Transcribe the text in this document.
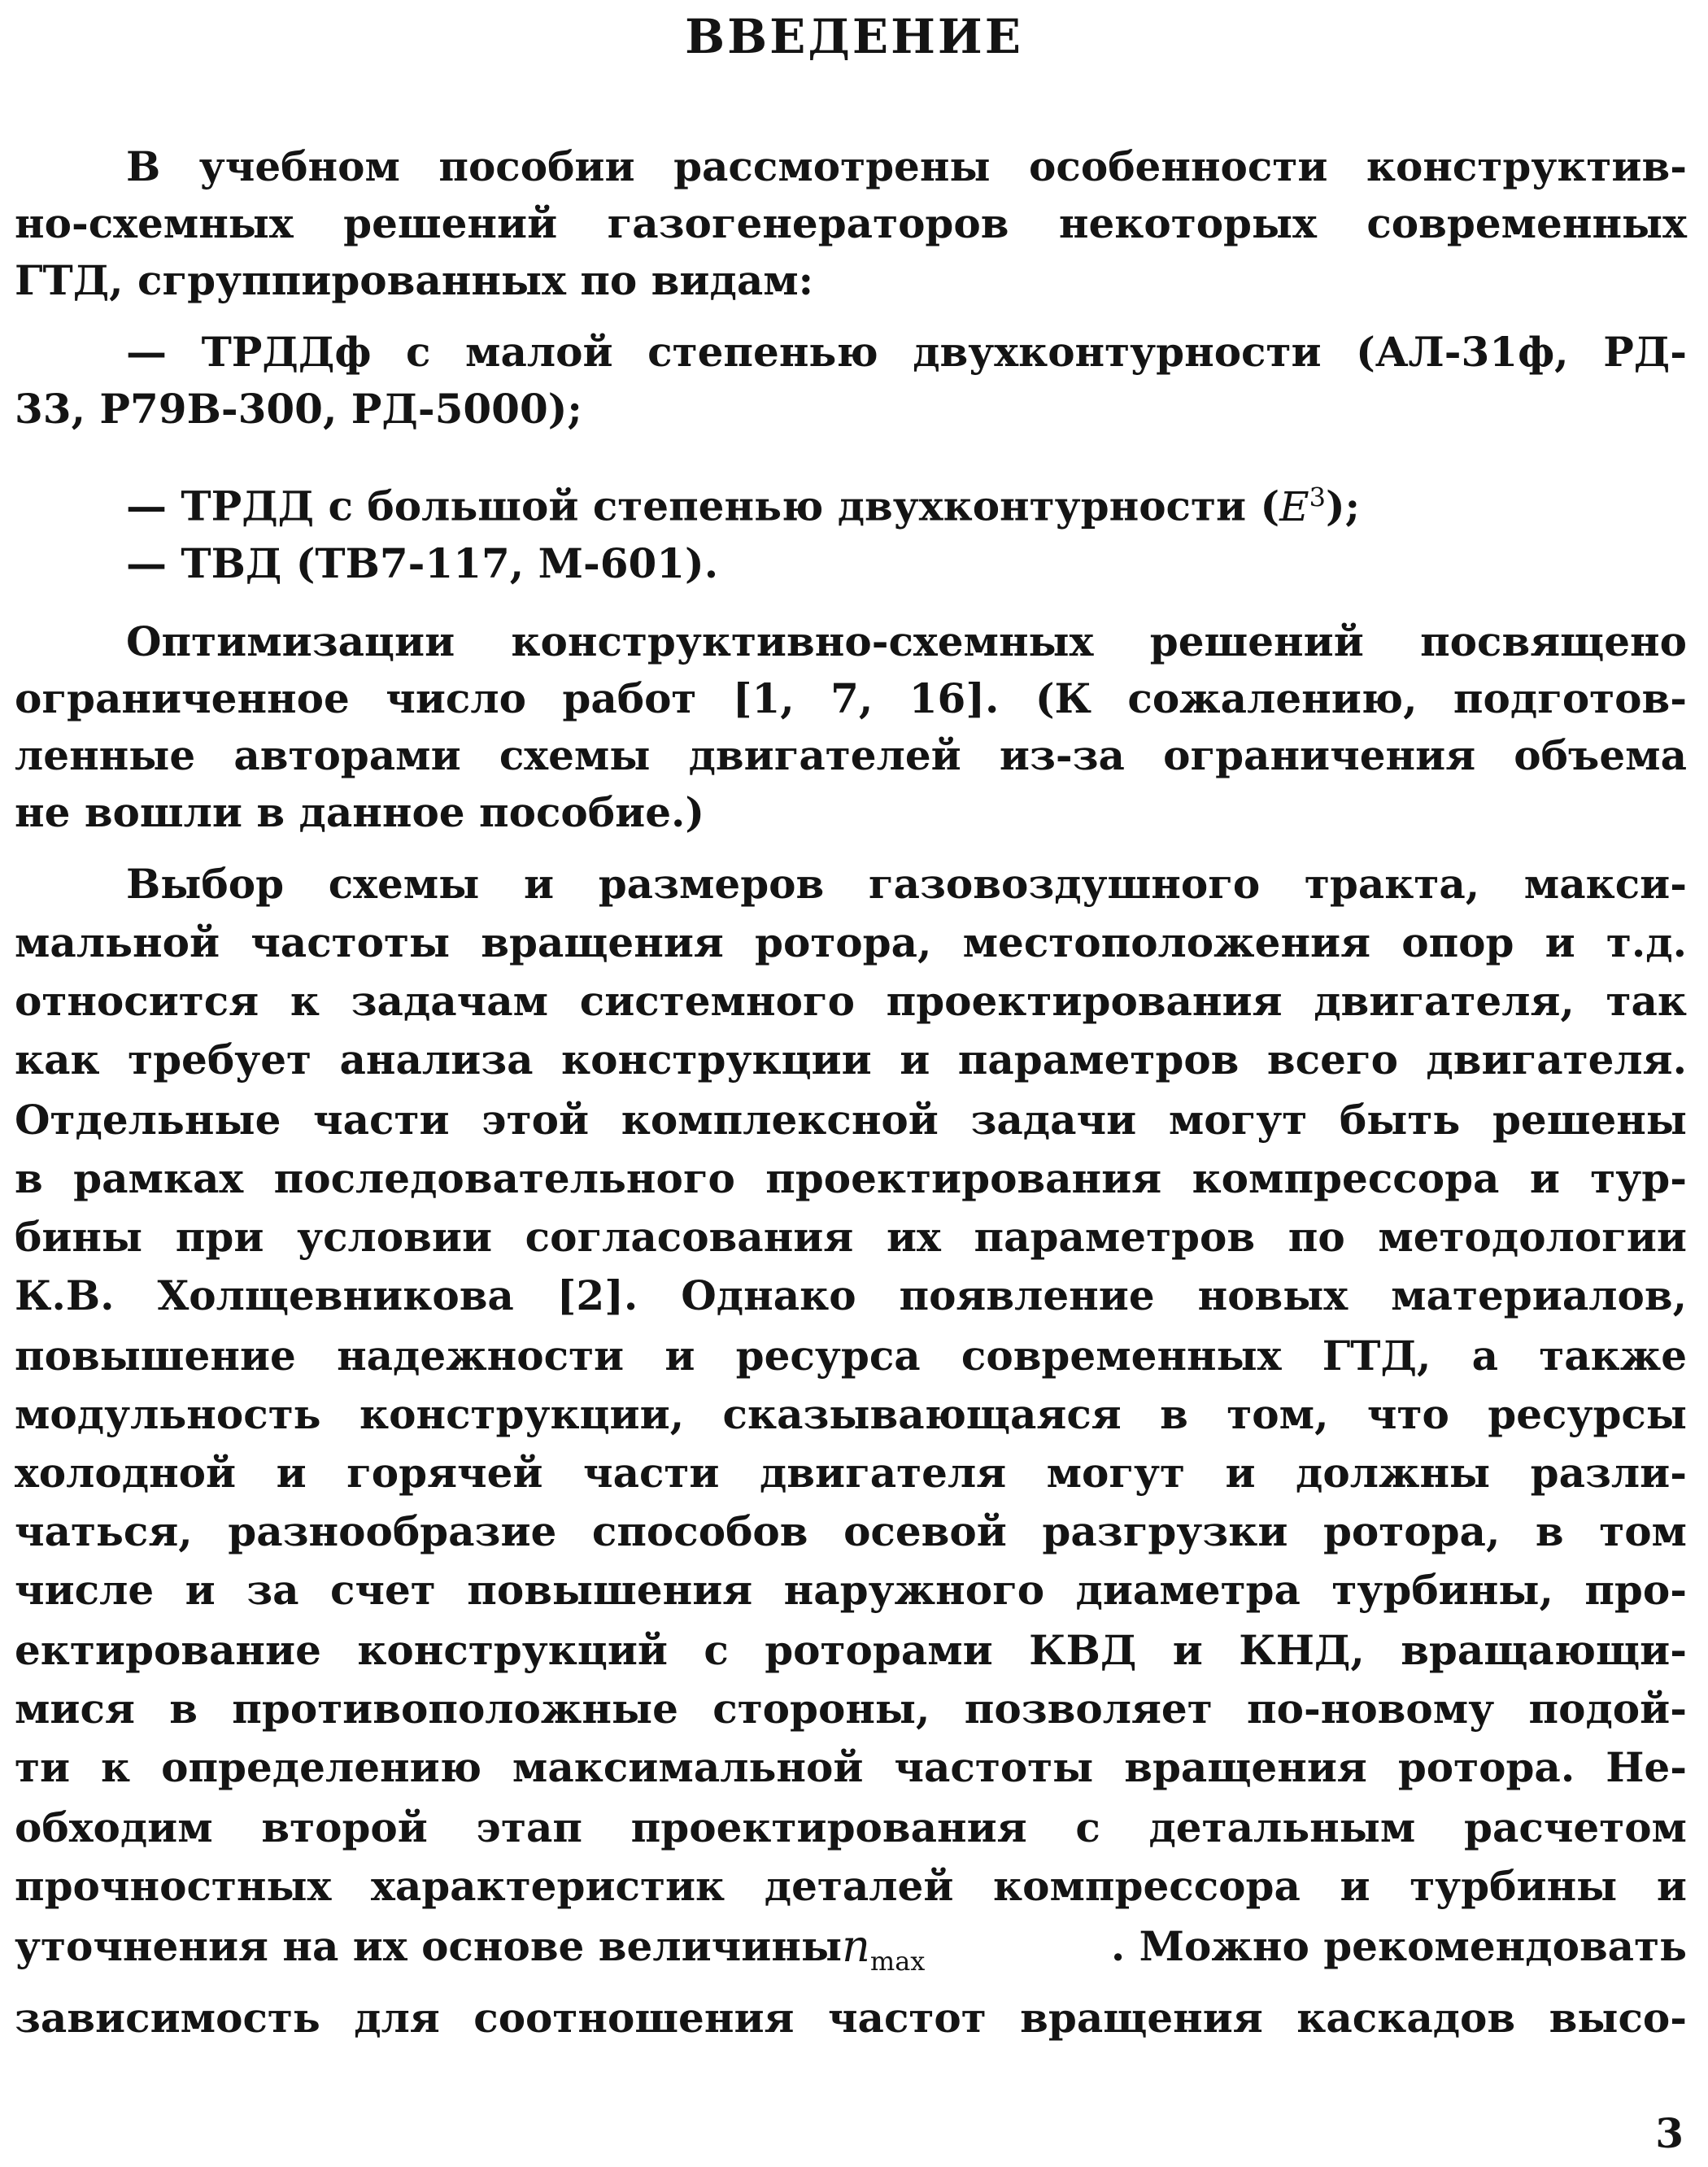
ВВЕДЕНИЕ
В учебном пособии рассмотрены особенности конструктив-
но-схемных решений газогенераторов некоторых современных
ГТД, сгруппированных по видам:
— ТРДДф с малой степенью двухконтурности (АЛ-31ф, РД-
33, Р79В-300, РД-5000);
— ТРДД с большой степенью двухконтурности $(E^3)$;
— ТВД (ТВ7-117, М-601).
Оптимизации конструктивно-схемных решений посвящено
ограниченное число работ [1, 7, 16]. (К сожалению, подготов-
ленные авторами схемы двигателей из-за ограничения объема
не вошли в данное пособие.)
Выбор схемы и размеров газовоздушного тракта, макси-
мальной частоты вращения ротора, местоположения опор и т.д.
относится к задачам системного проектирования двигателя, так
как требует анализа конструкции и параметров всего двигателя.
Отдельные части этой комплексной задачи могут быть решены
в рамках последовательного проектирования компрессора и тур-
бины при условии согласования их параметров по методологии
К.В. Холщевникова [2]. Однако появление новых материалов,
повышение надежности и ресурса современных ГТД, а также
модульность конструкции, сказывающаяся в том, что ресурсы
холодной и горячей части двигателя могут и должны разли-
чаться, разнообразие способов осевой разгрузки ротора, в том
числе и за счет повышения наружного диаметра турбины, про-
ектирование конструкций с роторами КВД и КНД, вращающи-
мися в противоположные стороны, позволяет по-новому подой-
ти к определению максимальной частоты вращения ротора. Не-
обходим второй этап проектирования с детальным расчетом
прочностных характеристик деталей компрессора и турбины и
уточнения на их основе величины $n_{max}$	. Можно рекомендовать
зависимость для соотношения частот вращения каскадов высо-
3
